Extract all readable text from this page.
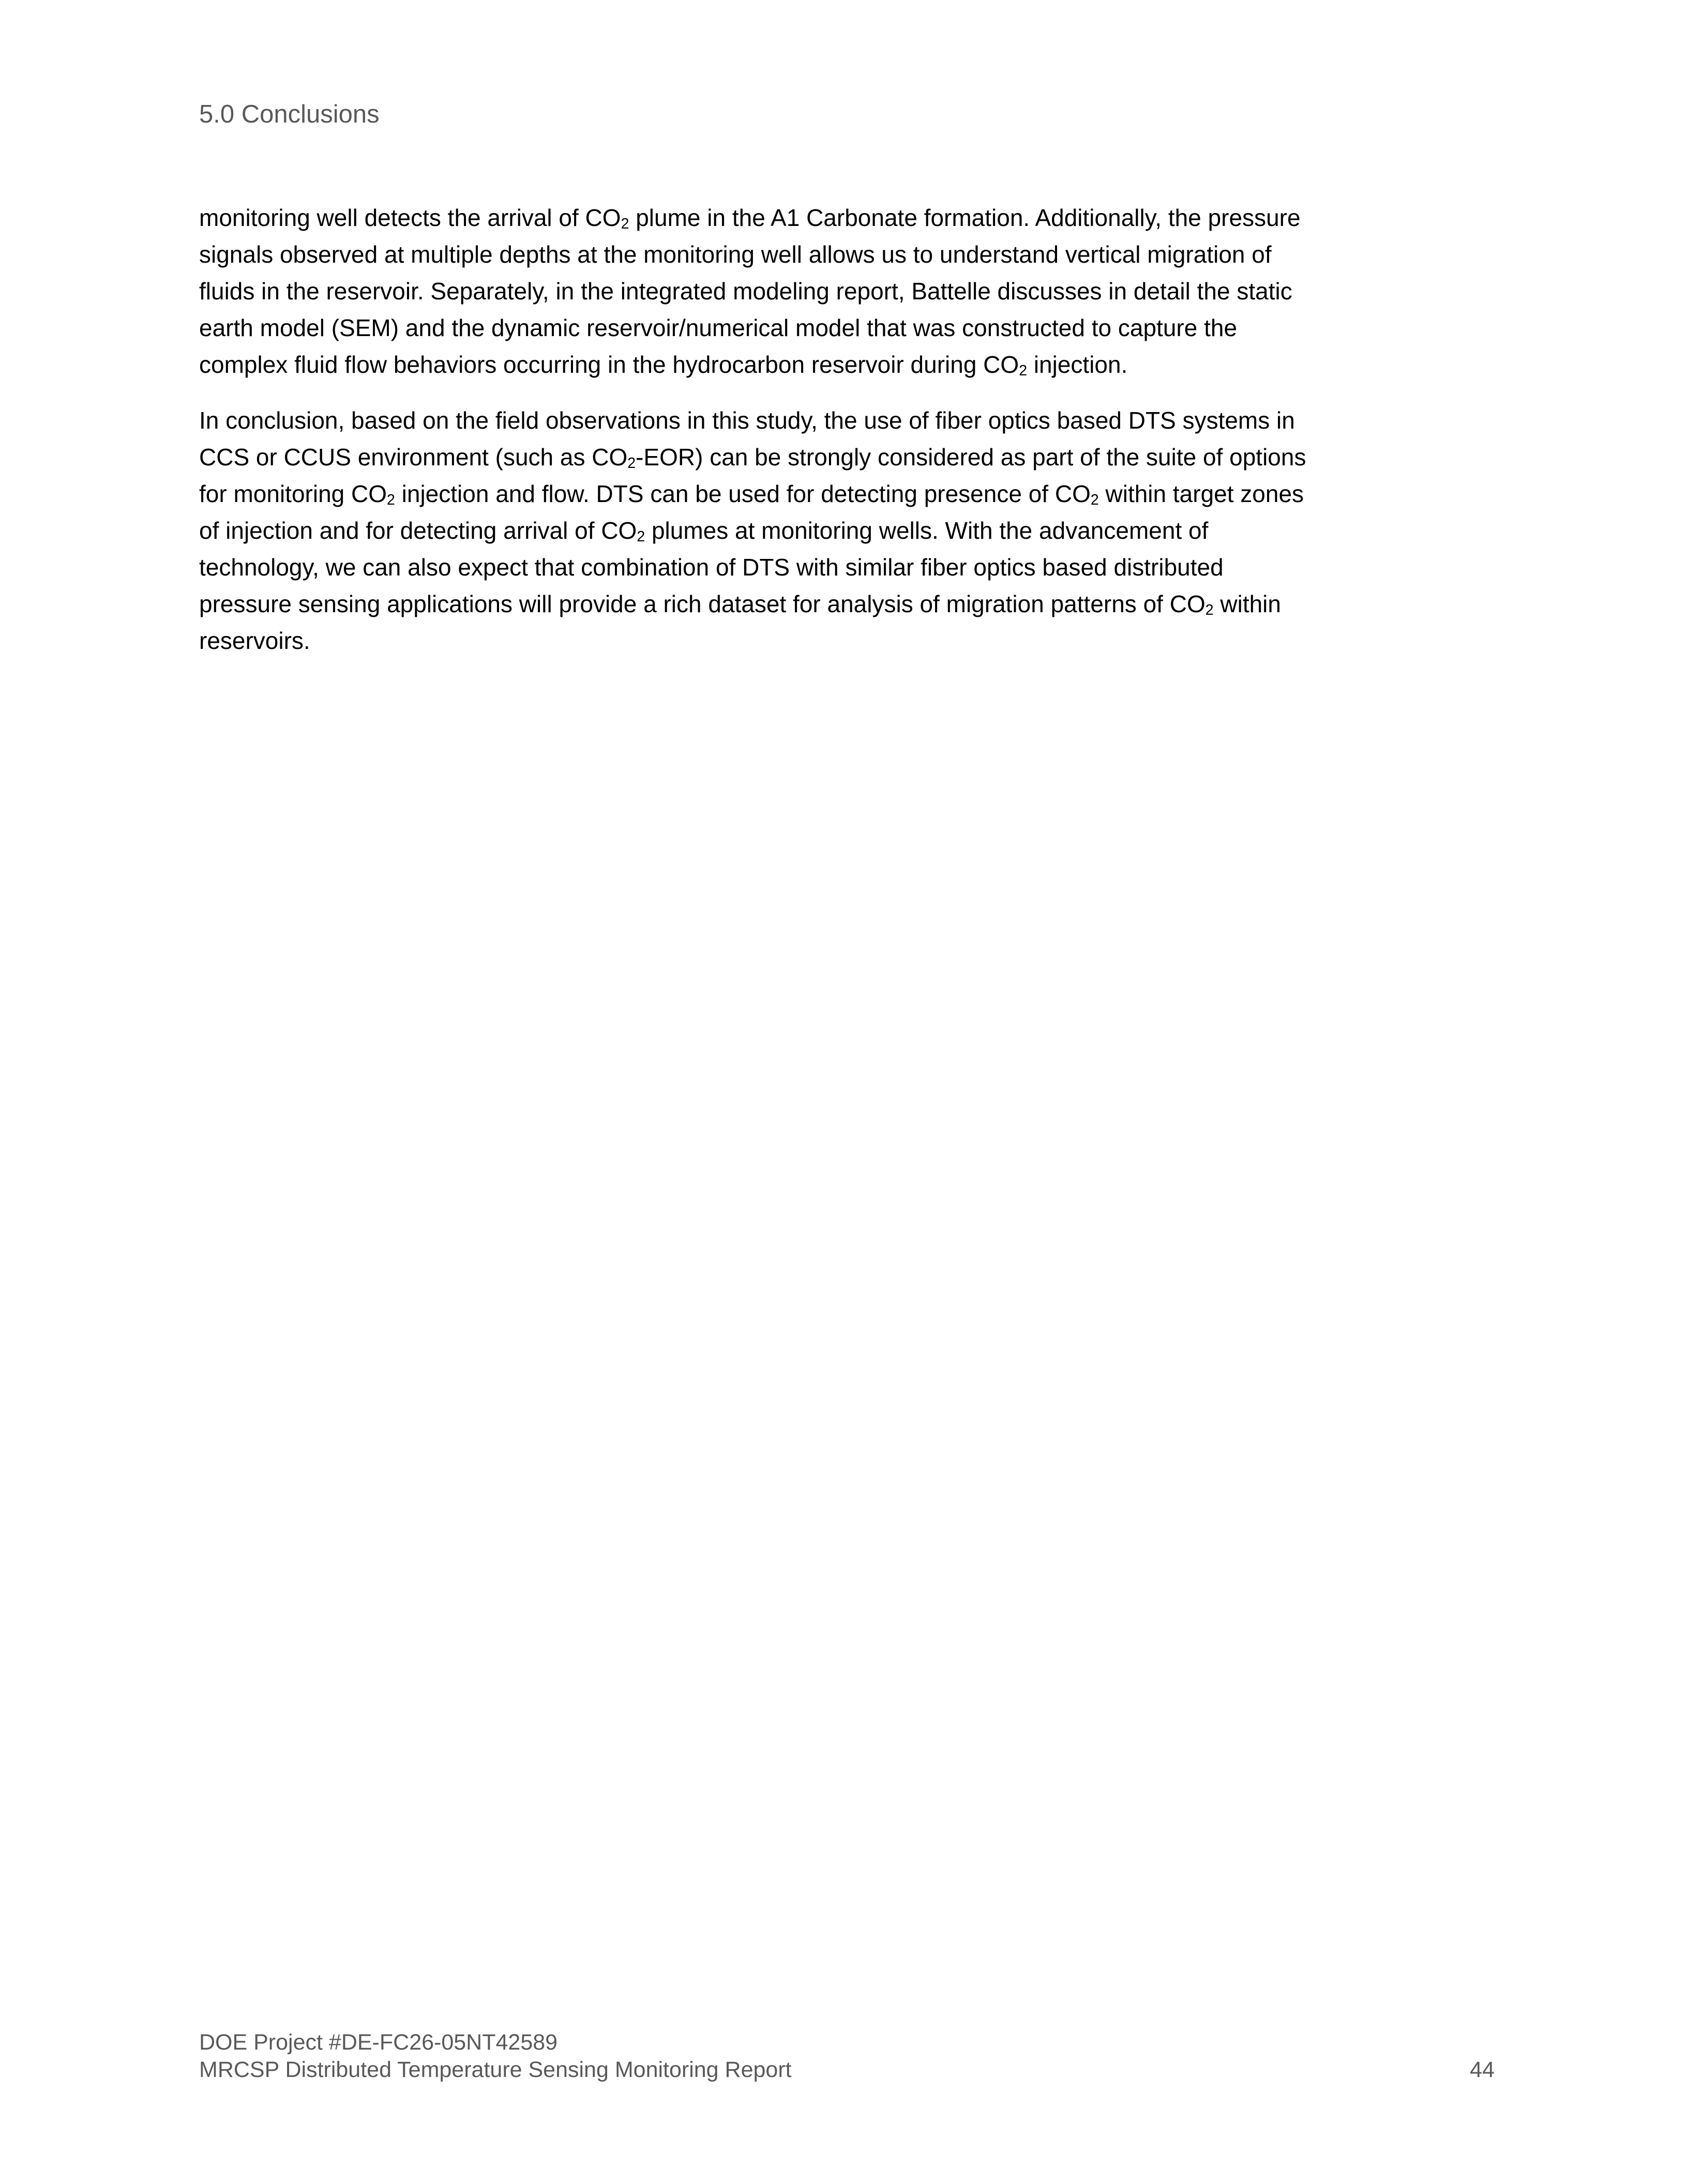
5.0 Conclusions
monitoring well detects the arrival of $CO_2$ plume in the A1 Carbonate formation. Additionally, the pressure
signals observed at multiple depths at the monitoring well allows us to understand vertical migration of
fluids in the reservoir. Separately, in the integrated modeling report, Battelle discusses in detail the static
earth model (SEM) and the dynamic reservoir/numerical model that was constructed to capture the
complex fluid flow behaviors occurring in the hydrocarbon reservoir during $CO_2$ injection.
In conclusion, based on the field observations in this study, the use of fiber optics based DTS systems in
CCS or CCUS environment (such as $CO_2-EOR$) can be strongly considered as part of the suite of options
for monitoring $CO_2$ injection and flow. DTS can be used for detecting presence of $CO_2$ within target zones
of injection and for detecting arrival of $CO_2$ plumes at monitoring wells. With the advancement of
technology, we can also expect that combination of DTS with similar fiber optics based distributed
pressure sensing applications will provide a rich dataset for analysis of migration patterns of $CO_2$ within
reservoirs.
DOE Project #DE-FC26-05NT42589
MRCSP Distributed Temperature Sensing Monitoring Report	44
